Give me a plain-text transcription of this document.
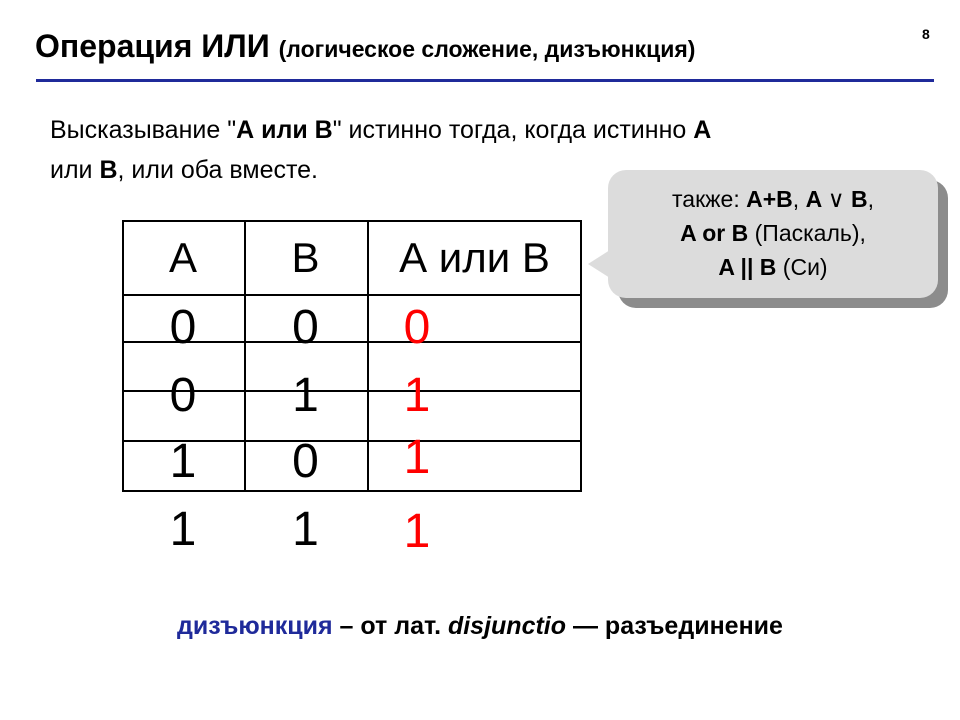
8
Операция ИЛИ (логическое сложение, дизъюнкция)
Высказывание "А или B" истинно тогда, когда истинно А
или B, или оба вместе.
также: A+B, A ∨ B,
A or B (Паскаль),
A || B (Си)
A	B	А или B
0	0	0
0	1	1
1	0	1
1	1	1
дизъюнкция – от лат. disjunctio — разъединение
